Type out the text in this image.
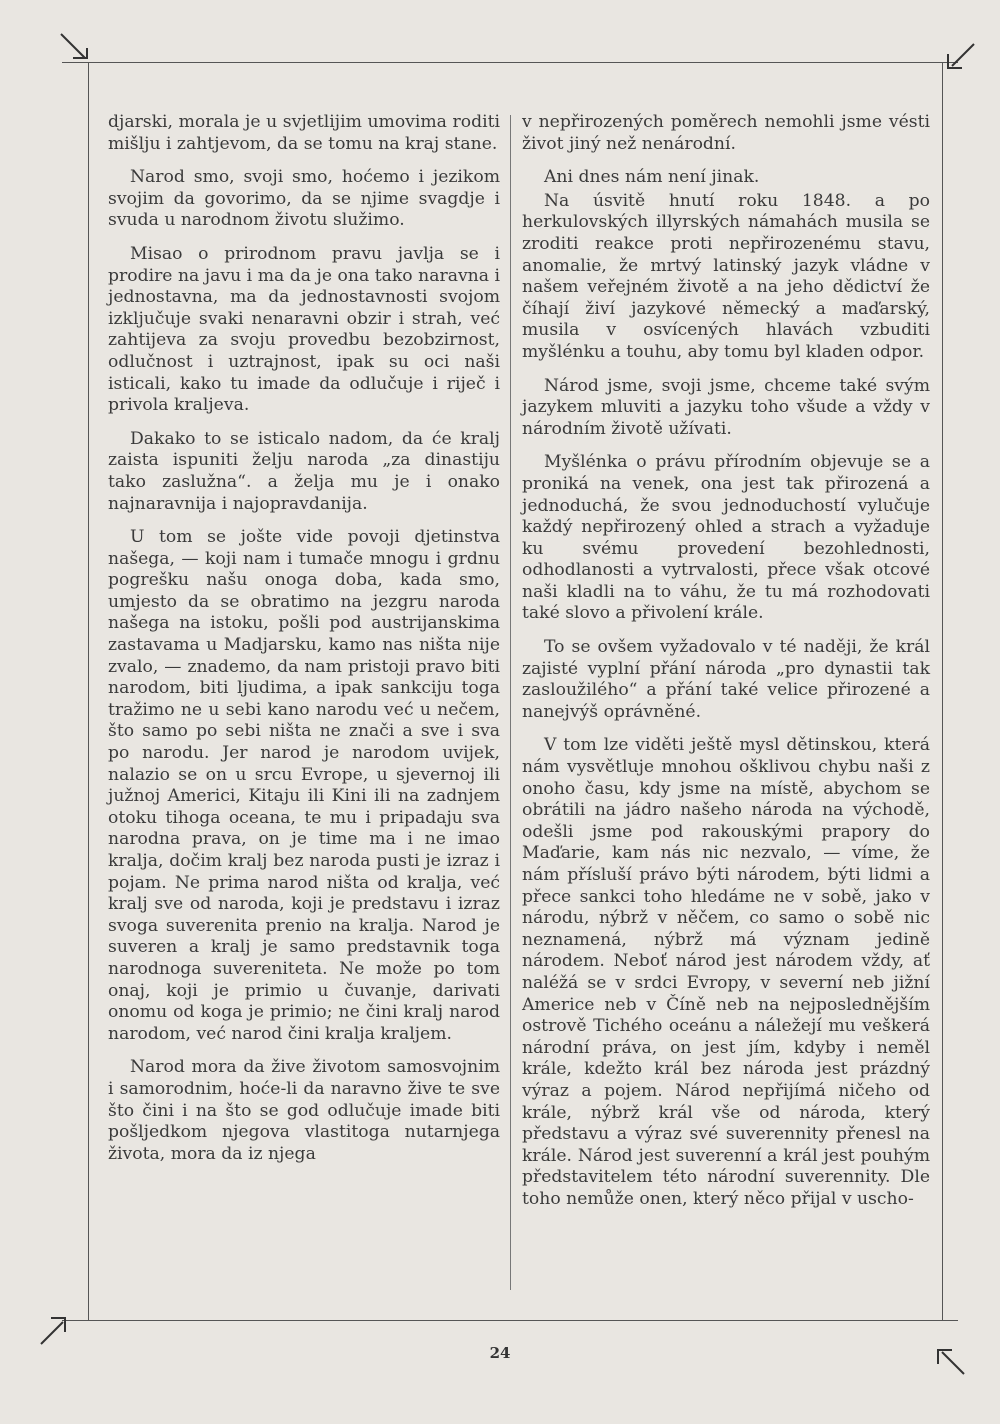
djarski, morala je u svjetlijim umovima roditi mišlju i zahtjevom, da se tomu na kraj stane.

Narod smo, svoji smo, hoćemo i jezikom svojim da govorimo, da se njime svagdje i svuda u narodnom životu služimo.

Misao o prirodnom pravu javlja se i prodire na javu i ma da je ona tako naravna i jednostavna, ma da jednostavnosti svojom izključuje svaki nenaravni obzir i strah, već zahtijeva za svoju provedbu bezobzirnost, odlučnost i uztrajnost, ipak su oci naši isticali, kako tu imade da odlučuje i riječ i privola kraljeva.

Dakako to se isticalo nadom, da će kralj zaista ispuniti želju naroda „za dinastiju tako zaslužna“. a želja mu je i onako najnaravnija i najopravdanija.

U tom se jošte vide povoji djetinstva našega, — koji nam i tumače mnogu i grdnu pogrešku našu onoga doba, kada smo, umjesto da se obratimo na jezgru naroda našega na istoku, pošli pod austrijanskima zastavama u Madjarsku, kamo nas ništa nije zvalo, — znademo, da nam pristoji pravo biti narodom, biti ljudima, a ipak sankciju toga tražimo ne u sebi kano narodu već u nečem, što samo po sebi ništa ne znači a sve i sva po narodu. Jer narod je narodom uvijek, nalazio se on u srcu Evrope, u sjevernoj ili južnoj Americi, Kitaju ili Kini ili na zadnjem otoku tihoga oceana, te mu i pripadaju sva narodna prava, on je time ma i ne imao kralja, dočim kralj bez naroda pusti je izraz i pojam. Ne prima narod ništa od kralja, već kralj sve od naroda, koji je predstavu i izraz svoga suverenita prenio na kralja. Narod je suveren a kralj je samo predstavnik toga narodnoga suvereniteta. Ne može po tom onaj, koji je primio u čuvanje, darivati onomu od koga je primio; ne čini kralj narod narodom, već narod čini kralja kraljem.

Narod mora da žive životom samosvojnim i samorodnim, hoće-li da naravno žive te sve što čini i na što se god odlučuje imade biti pošljedkom njegova vlastitoga nutarnjega života, mora da iz njega

v nepřirozených poměrech nemohli jsme vésti život jiný než nenárodní.

Ani dnes nám není jinak.

Na úsvitě hnutí roku 1848. a po herkulovských illyrských námahách musila se zroditi reakce proti nepřirozenému stavu, anomalie, že mrtvý latinský jazyk vládne v našem veřejném životě a na jeho dědictví že číhají živí jazykové německý a maďarský, musila v osvícených hlavách vzbuditi myšlénku a touhu, aby tomu byl kladen odpor.

Národ jsme, svoji jsme, chceme také svým jazykem mluviti a jazyku toho všude a vždy v národním životě užívati.

Myšlénka o právu přírodním objevuje se a proniká na venek, ona jest tak přirozená a jednoduchá, že svou jednoduchostí vylučuje každý nepřirozený ohled a strach a vyžaduje ku svému provedení bezohlednosti, odhodlanosti a vytrvalosti, přece však otcové naši kladli na to váhu, že tu má rozhodovati také slovo a přivolení krále.

To se ovšem vyžadovalo v té naději, že král zajisté vyplní přání národa „pro dynastii tak zasloužilého“ a přání také velice přirozené a nanejvýš oprávněné.

V tom lze viděti ještě mysl dětinskou, která nám vysvětluje mnohou ošklivou chybu naši z onoho času, kdy jsme na místě, abychom se obrátili na jádro našeho národa na východě, odešli jsme pod rakouskými prapory do Maďarie, kam nás nic nezvalo, — víme, že nám přísluší právo býti národem, býti lidmi a přece sankci toho hledáme ne v sobě, jako v národu, nýbrž v něčem, co samo o sobě nic neznamená, nýbrž má význam jedině národem. Neboť národ jest národem vždy, ať naléžá se v srdci Evropy, v severní neb jižní Americe neb v Číně neb na nejposlednějším ostrově Tichého oceánu a náležejí mu veškerá národní práva, on jest jím, kdyby i neměl krále, kdežto král bez národa jest prázdný výraz a pojem. Národ nepřijímá ničeho od krále, nýbrž král vše od národa, který představu a výraz své suverennity přenesl na krále. Národ jest suverenní a král jest pouhým představitelem této národní suverennity. Dle toho nemůže onen, který něco přijal v uscho-

24
